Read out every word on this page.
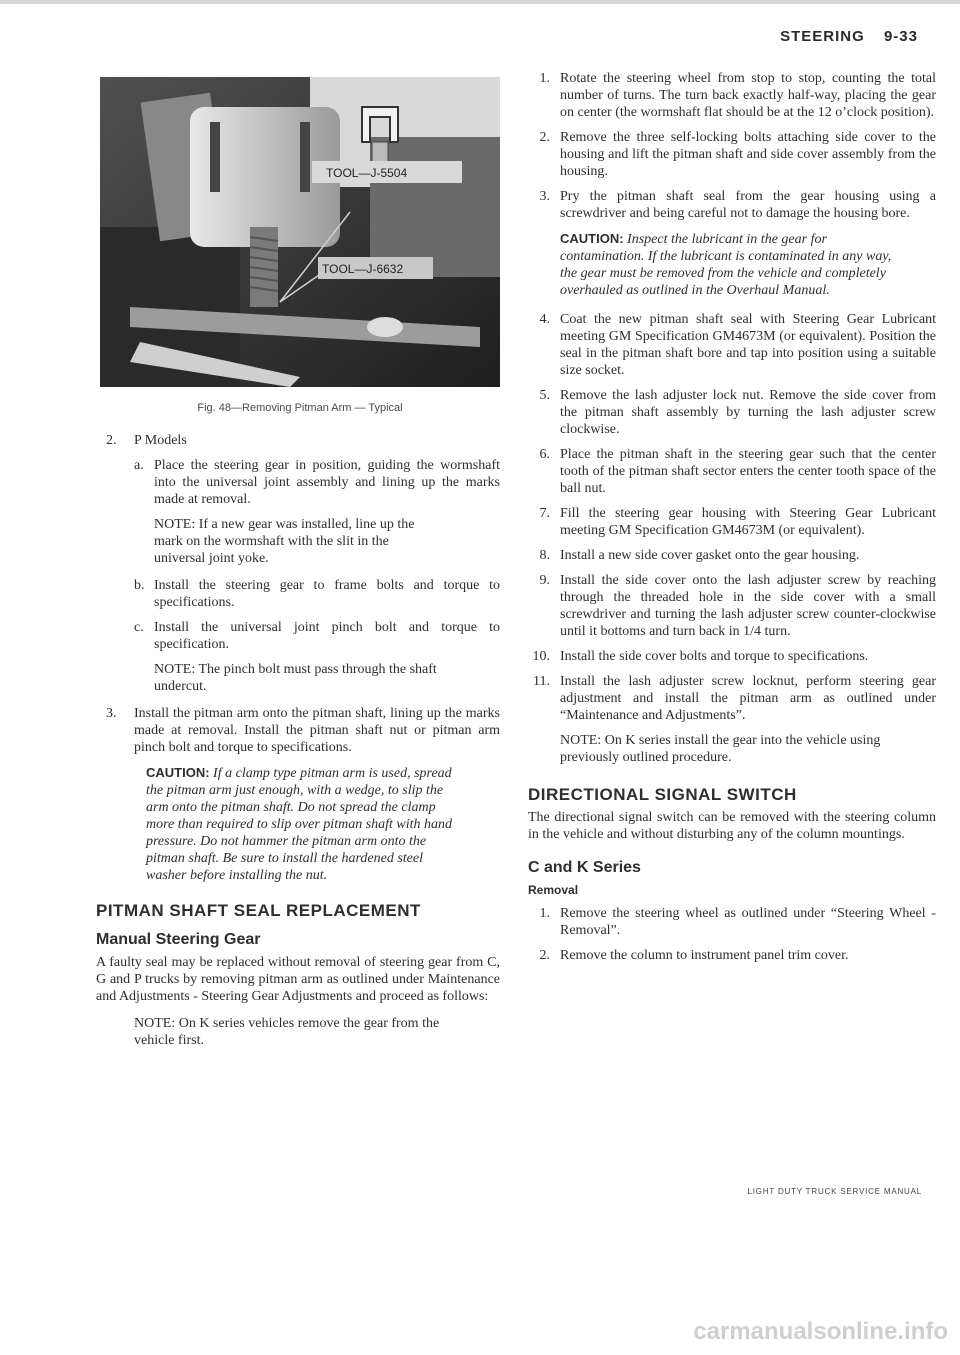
STEERING 9-33
TOOL—J-5504
TOOL—J-6632
Fig. 48—Removing Pitman Arm — Typical
2.	P Models
a. Place the steering gear in position, guiding the wormshaft into the universal joint assembly and lining up the marks made at removal.
NOTE: If a new gear was installed, line up the mark on the wormshaft with the slit in the universal joint yoke.
b. Install the steering gear to frame bolts and torque to specifications.
c. Install the universal joint pinch bolt and torque to specification.
NOTE: The pinch bolt must pass through the shaft undercut.
3.	Install the pitman arm onto the pitman shaft, lining up the marks made at removal. Install the pitman shaft nut or pitman arm pinch bolt and torque to specifications.
CAUTION: If a clamp type pitman arm is used, spread the pitman arm just enough, with a wedge, to slip the arm onto the pitman shaft. Do not spread the clamp more than required to slip over pitman shaft with hand pressure. Do not hammer the pitman arm onto the pitman shaft. Be sure to install the hardened steel washer before installing the nut.
PITMAN SHAFT SEAL REPLACEMENT
Manual Steering Gear

A faulty seal may be replaced without removal of steering gear from C, G and P trucks by removing pitman arm as outlined under Maintenance and Adjustments - Steering Gear Adjustments and proceed as follows:

NOTE: On K series vehicles remove the gear from the vehicle first.
1. Rotate the steering wheel from stop to stop, counting the total number of turns. The turn back exactly half-way, placing the gear on center (the wormshaft flat should be at the 12 o’clock position).
2. Remove the three self-locking bolts attaching side cover to the housing and lift the pitman shaft and side cover assembly from the housing.
3. Pry the pitman shaft seal from the gear housing using a screwdriver and being careful not to damage the housing bore.
CAUTION: Inspect the lubricant in the gear for contamination. If the lubricant is contaminated in any way, the gear must be removed from the vehicle and completely overhauled as outlined in the Overhaul Manual.
4. Coat the new pitman shaft seal with Steering Gear Lubricant meeting GM Specification GM4673M (or equivalent). Position the seal in the pitman shaft bore and tap into position using a suitable size socket.
5. Remove the lash adjuster lock nut. Remove the side cover from the pitman shaft assembly by turning the lash adjuster screw clockwise.
6. Place the pitman shaft in the steering gear such that the center tooth of the pitman shaft sector enters the center tooth space of the ball nut.
7. Fill the steering gear housing with Steering Gear Lubricant meeting GM Specification GM4673M (or equivalent).
8. Install a new side cover gasket onto the gear housing.
9. Install the side cover onto the lash adjuster screw by reaching through the threaded hole in the side cover with a small screwdriver and turning the lash adjuster screw counter-clockwise until it bottoms and turn back in 1/4 turn.
10. Install the side cover bolts and torque to specifications.
11. Install the lash adjuster screw locknut, perform steering gear adjustment and install the pitman arm as outlined under “Maintenance and Adjustments”.
NOTE: On K series install the gear into the vehicle using previously outlined procedure.
DIRECTIONAL SIGNAL SWITCH

The directional signal switch can be removed with the steering column in the vehicle and without disturbing any of the column mountings.

C and K Series
Removal
1. Remove the steering wheel as outlined under “Steering Wheel - Removal”.
2. Remove the column to instrument panel trim cover.
LIGHT DUTY TRUCK SERVICE MANUAL
carmanualsonline.info
